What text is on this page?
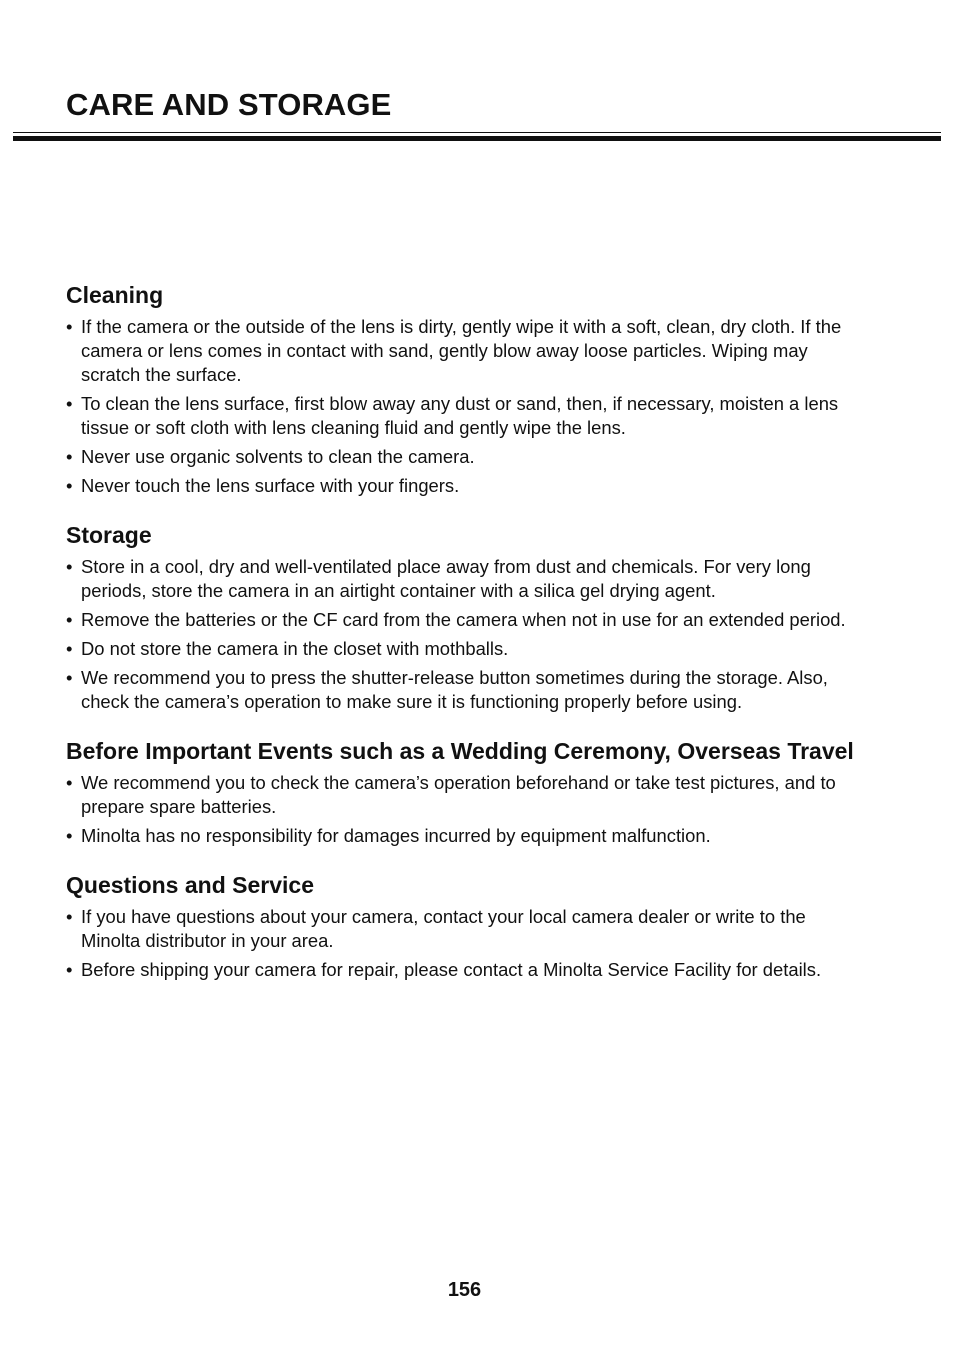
CARE AND STORAGE
Cleaning
• If the camera or the outside of the lens is dirty, gently wipe it with a soft, clean, dry cloth. If the camera or lens comes in contact with sand, gently blow away loose particles. Wiping may scratch the surface.
• To clean the lens surface, first blow away any dust or sand, then, if necessary, moisten a lens tissue or soft cloth with lens cleaning fluid and gently wipe the lens.
• Never use organic solvents to clean the camera.
• Never touch the lens surface with your fingers.
Storage
• Store in a cool, dry and well-ventilated place away from dust and chemicals. For very long periods, store the camera in an airtight container with a silica gel drying agent.
• Remove the batteries or the CF card from the camera when not in use for an extended period.
• Do not store the camera in the closet with mothballs.
• We recommend you to press the shutter-release button sometimes during the storage. Also, check the camera’s operation to make sure it is functioning properly before using.
Before Important Events such as a Wedding Ceremony, Overseas Travel
• We recommend you to check the camera’s operation beforehand or take test pictures, and to prepare spare batteries.
• Minolta has no responsibility for damages incurred by equipment malfunction.
Questions and Service
• If you have questions about your camera, contact your local camera dealer or write to the Minolta distributor in your area.
• Before shipping your camera for repair, please contact a Minolta Service Facility for details.
156
